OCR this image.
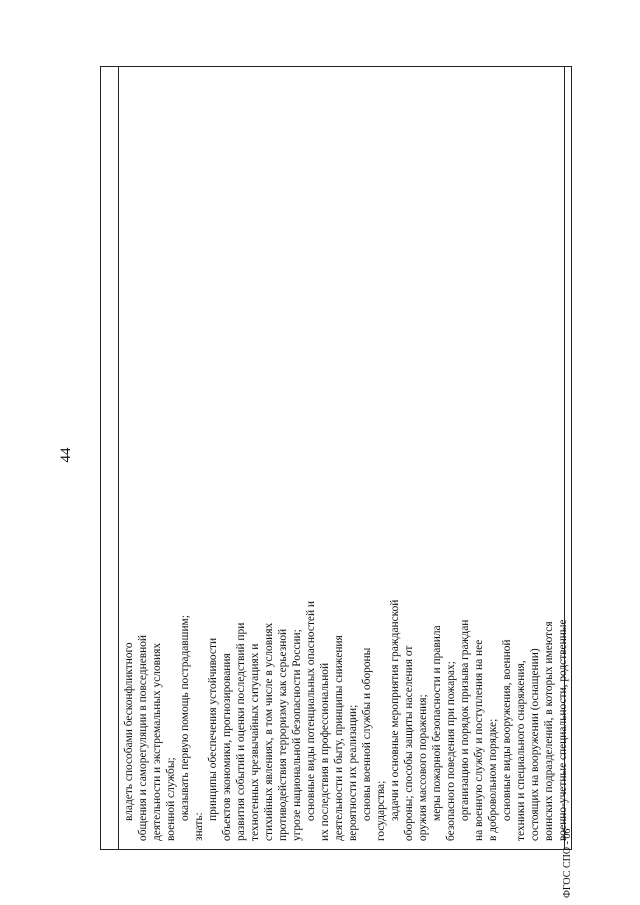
44
ФГОС СПО - 06
владеть способами бесконфликтного общения и саморегуляции в повседневной деятельности и экстремальных условиях военной службы; оказывать первую помощь пострадавшим;
знать:
принципы обеспечения устойчивости объектов экономики, прогнозирования развития событий и оценки последствий при техногенных чрезвычайных ситуациях и стихийных явлениях, в том числе в условиях противодействия терроризму как серьезной угрозе национальной безопасности России; основные виды потенциальных опасностей и их последствия в профессиональной деятельности и быту, принципы снижения вероятности их реализации; основы военной службы и обороны государства; задачи и основные мероприятия гражданской обороны; способы защиты населения от оружия массового поражения; меры пожарной безопасности и правила безопасного поведения при пожарах; организацию и порядок призыва граждан на военную службу и поступления на нее в добровольном порядке; основные виды вооружения, военной техники и специального снаряжения, состоящих на вооружении (оснащении) воинских подразделений, в которых имеются военно-учетные специальности, родственные
